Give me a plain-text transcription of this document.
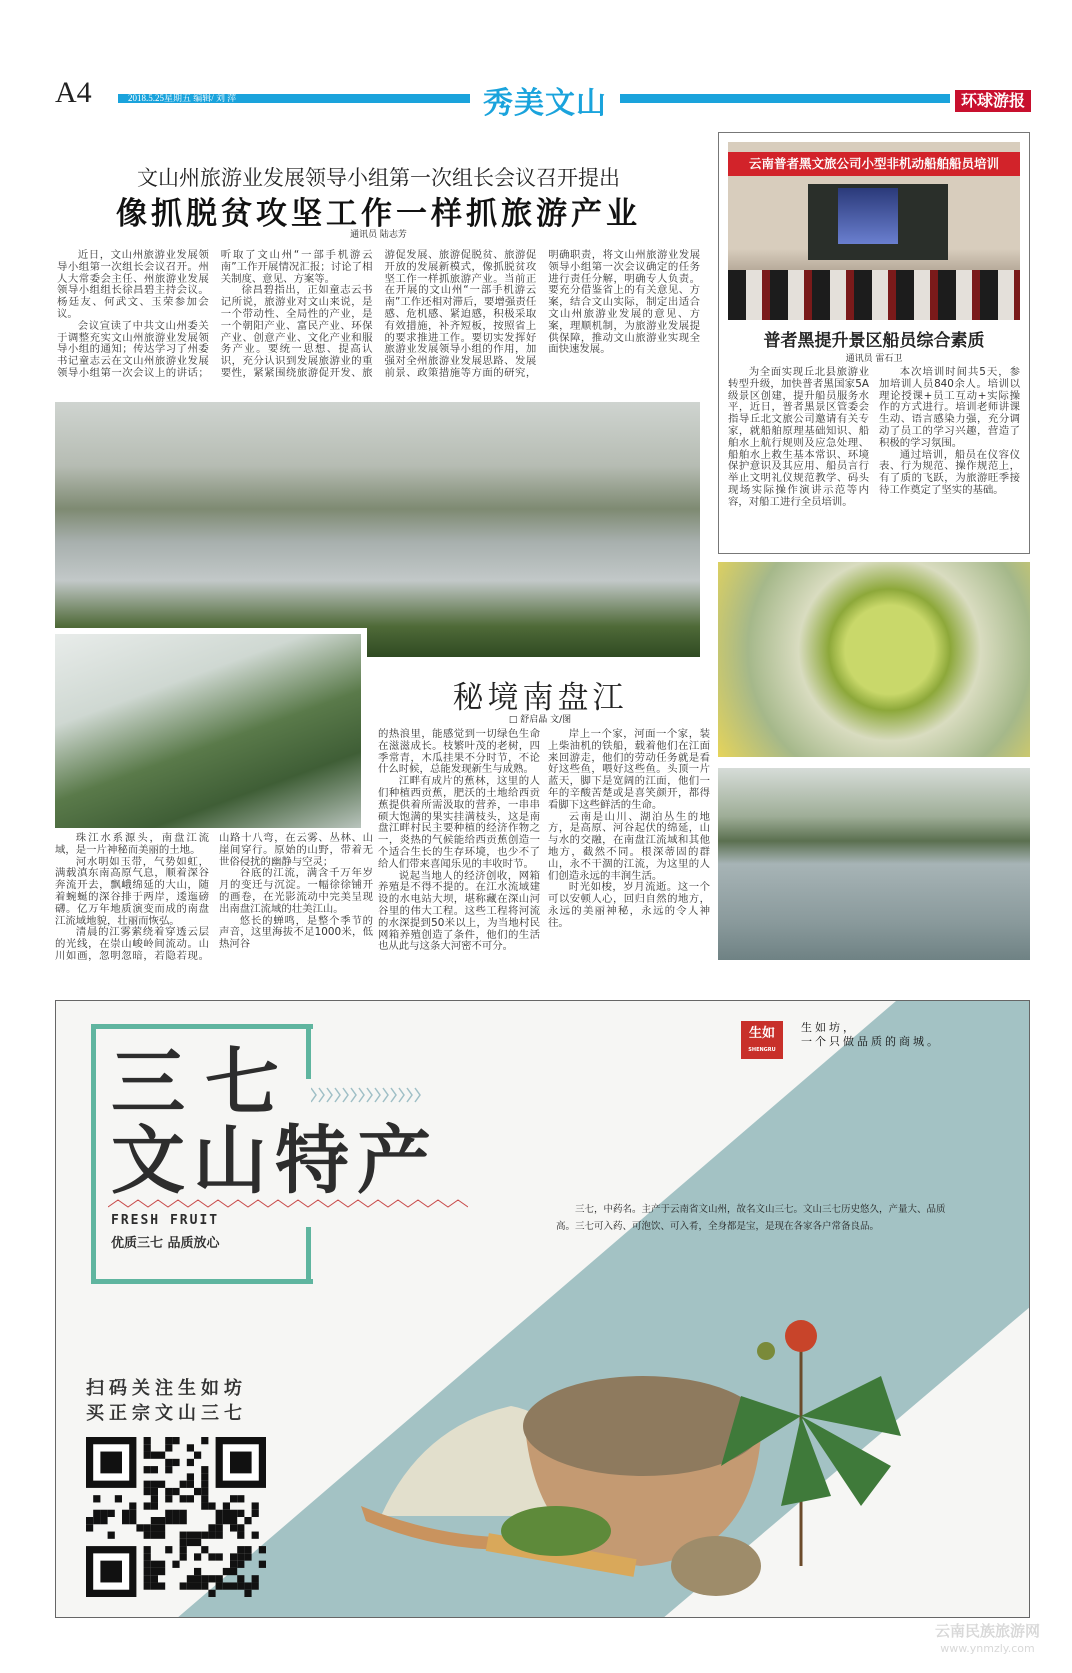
A4	2018.5.25星期五 编辑/ 刘 萍	秀美文山	环球游报
文山州旅游业发展领导小组第一次组长会议召开提出
像抓脱贫攻坚工作一样抓旅游产业
通讯员 陆志芳

近日，文山州旅游业发展领导小组第一次组长会议召开。州人大常委会主任、州旅游业发展领导小组组长徐昌碧主持会议。杨廷友、何武文、玉荣参加会议。

会议宣读了中共文山州委关于调整充实文山州旅游业发展领导小组的通知；传达学习了州委书记童志云在文山州旅游业发展领导小组第一次会议上的讲话；听取了文山州“一部手机游云南”工作开展情况汇报；讨论了相关制度、意见、方案等。

徐昌碧指出，正如童志云书记所说，旅游业对文山来说，是一个带动性、全局性的产业，是一个朝阳产业、富民产业、环保产业、创意产业、文化产业和服务产业。要统一思想、提高认识，充分认识到发展旅游业的重要性，紧紧围绕旅游促开发、旅游促发展、旅游促脱贫、旅游促开放的发展新模式，像抓脱贫攻坚工作一样抓旅游产业。当前正在开展的文山州“一部手机游云南”工作还相对滞后，要增强责任感、危机感、紧迫感，积极采取有效措施，补齐短板，按照省上的要求推进工作。要切实发挥好旅游业发展领导小组的作用，加强对全州旅游业发展思路、发展前景、政策措施等方面的研究，明确职责，将文山州旅游业发展领导小组第一次会议确定的任务进行责任分解，明确专人负责。要充分借鉴省上的有关意见、方案，结合文山实际，制定出适合文山州旅游业发展的意见、方案，理顺机制，为旅游业发展提供保障，推动文山旅游业实现全面快速发展。

云南普者黑文旅公司小型非机动船舶船员培训
普者黑提升景区船员综合素质
通讯员 雷石卫

为全面实现丘北县旅游业转型升级，加快普者黑国家5A级景区创建，提升船员服务水平，近日，普者黑景区管委会指导丘北文旅公司邀请有关专家，就船舶原理基础知识、船舶水上航行规则及应急处理、船舶水上救生基本常识、环境保护意识及其应用、船员言行举止文明礼仪规范教学、码头现场实际操作演讲示范等内容，对船工进行全员培训。

本次培训时间共5天，参加培训人员840余人。培训以理论授课+员工互动+实际操作的方式进行。培训老师讲课生动、语言感染力强，充分调动了员工的学习兴趣，营造了积极的学习氛围。

通过培训，船员在仪容仪表、行为规范、操作规范上，有了质的飞跃，为旅游旺季接待工作奠定了坚实的基础。

秘境南盘江
□ 舒启晶 文/图

珠江水系源头，南盘江流域，是一片神秘而美丽的土地。

河水明如玉带，气势如虹，满载滇东南高原气息，顺着深谷奔流开去，飘峨绵延的大山，随着蜿蜒的深谷排于两岸，逶迤磅礴。亿万年地质演变而成的南盘江流域地貌，壮丽而恢弘。

清晨的江雾萦绕着穿透云层的光线，在崇山峻岭间流动。山川如画，忽明忽暗，若隐若现。山路十八弯，在云雾、丛林、山崖间穿行。原始的山野，带着无世俗侵扰的幽静与空灵；

谷底的江流，满含千万年岁月的变迁与沉淀。一幅徐徐铺开的画卷，在光影流动中完美呈现出南盘江流域的壮美江山。

悠长的蝉鸣，是整个季节的声音，这里海拔不足1000米，低热河谷

的热浪里，能感觉到一切绿色生命在滋滋成长。枝繁叶茂的老树，四季常青，木瓜挂果不分时节，不论什么时候，总能发现新生与成熟。

江畔有成片的蕉林，这里的人们种植西贡蕉，肥沃的土地给西贡蕉提供着所需汲取的营养，一串串硕大饱满的果实挂满枝头，这是南盘江畔村民主要种植的经济作物之一，炎热的气候能给西贡蕉创造一个适合生长的生存环境，也少不了给人们带来喜闻乐见的丰收时节。

说起当地人的经济创收，网箱养殖是不得不提的。在江水流域建设的水电站大坝，堪称藏在深山河谷里的伟大工程。这些工程将河流的水深提到50米以上，为当地村民网箱养殖创造了条件，他们的生活也从此与这条大河密不可分。

岸上一个家，河面一个家，装上柴油机的铁船，载着他们在江面来回游走，他们的劳动任务就是看好这些鱼，喂好这些鱼。头顶一片蓝天，脚下是宽阔的江面，他们一年的辛酸苦楚或是喜笑颜开，都得看脚下这些鲜活的生命。

云南是山川、湖泊丛生的地方，是高原、河谷起伏的绵延，山与水的交融，在南盘江流域和其他地方，截然不同。根深蒂固的群山，永不干涸的江流，为这里的人们创造永远的丰润生活。

时光如梭，岁月流逝。这一个可以安顿人心，回归自然的地方，永远的美丽神秘，永远的令人神往。

三七
文山特产
FRESH FRUIT
优质三七 品质放心
生如
SHENGRU
生如坊，
一个只做品质的商城。
三七，中药名。主产于云南省文山州，故名文山三七。文山三七历史悠久，产量大、品质高。三七可入药、可泡饮、可入肴，全身都是宝，是现在各家各户常备良品。
扫码关注生如坊
买正宗文山三七
云南民族旅游网
www.ynmzly.com
